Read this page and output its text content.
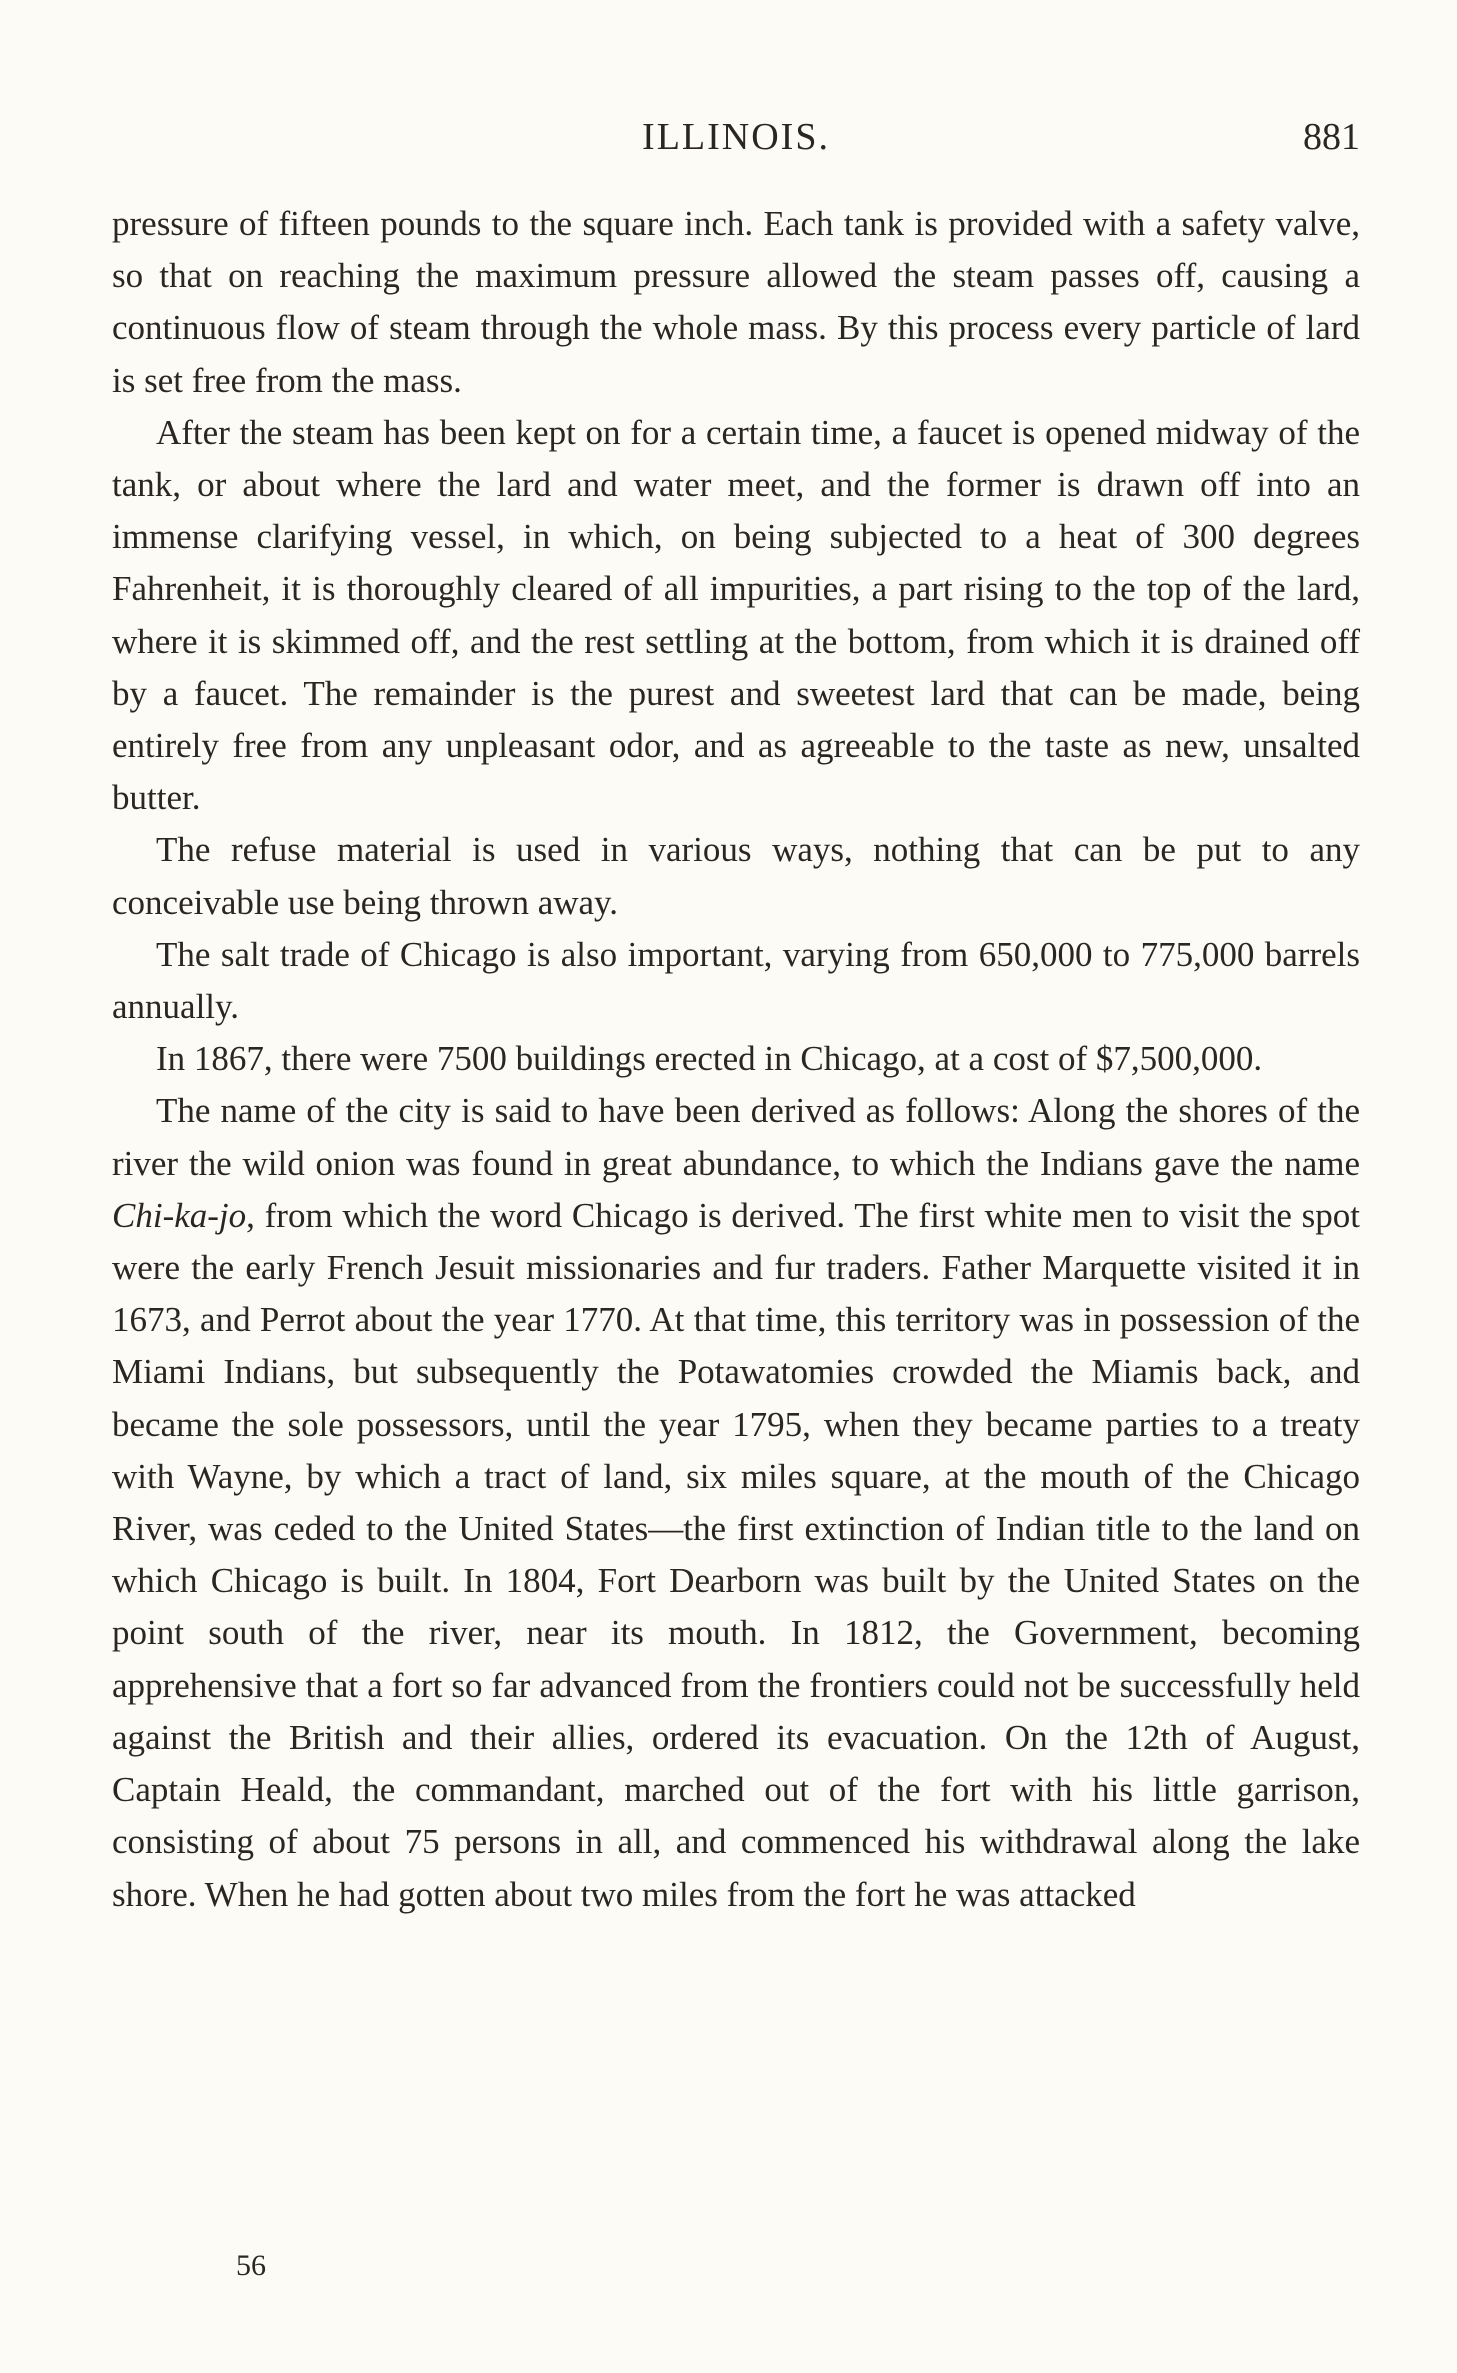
ILLINOIS.	881

pressure of fifteen pounds to the square inch. Each tank is provided with a safety valve, so that on reaching the maximum pressure allowed the steam passes off, causing a continuous flow of steam through the whole mass. By this process every particle of lard is set free from the mass.

After the steam has been kept on for a certain time, a faucet is opened midway of the tank, or about where the lard and water meet, and the former is drawn off into an immense clarifying vessel, in which, on being subjected to a heat of 300 degrees Fahrenheit, it is thoroughly cleared of all impurities, a part rising to the top of the lard, where it is skimmed off, and the rest settling at the bottom, from which it is drained off by a faucet. The remainder is the purest and sweetest lard that can be made, being entirely free from any unpleasant odor, and as agreeable to the taste as new, unsalted butter.

The refuse material is used in various ways, nothing that can be put to any conceivable use being thrown away.

The salt trade of Chicago is also important, varying from 650,000 to 775,000 barrels annually.

In 1867, there were 7500 buildings erected in Chicago, at a cost of $7,500,000.

The name of the city is said to have been derived as follows: Along the shores of the river the wild onion was found in great abundance, to which the Indians gave the name Chi-ka-jo, from which the word Chicago is derived. The first white men to visit the spot were the early French Jesuit missionaries and fur traders. Father Marquette visited it in 1673, and Perrot about the year 1770. At that time, this territory was in possession of the Miami Indians, but subsequently the Potawatomies crowded the Miamis back, and became the sole possessors, until the year 1795, when they became parties to a treaty with Wayne, by which a tract of land, six miles square, at the mouth of the Chicago River, was ceded to the United States—the first extinction of Indian title to the land on which Chicago is built. In 1804, Fort Dearborn was built by the United States on the point south of the river, near its mouth. In 1812, the Government, becoming apprehensive that a fort so far advanced from the frontiers could not be successfully held against the British and their allies, ordered its evacuation. On the 12th of August, Captain Heald, the commandant, marched out of the fort with his little garrison, consisting of about 75 persons in all, and commenced his withdrawal along the lake shore. When he had gotten about two miles from the fort he was attacked

56
